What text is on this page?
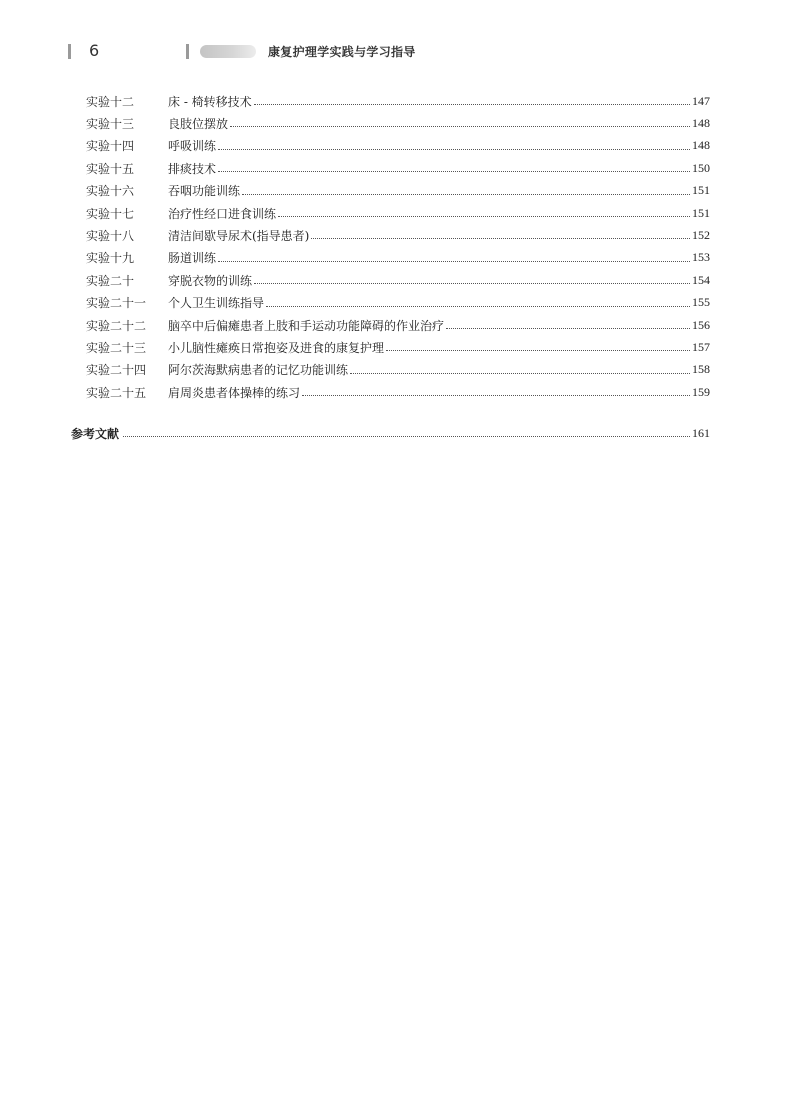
6	康复护理学实践与学习指导
实验十二	床 - 椅转移技术	147
实验十三	良肢位摆放	148
实验十四	呼吸训练	148
实验十五	排痰技术	150
实验十六	吞咽功能训练	151
实验十七	治疗性经口进食训练	151
实验十八	清洁间歇导尿术(指导患者)	152
实验十九	肠道训练	153
实验二十	穿脱衣物的训练	154
实验二十一	个人卫生训练指导	155
实验二十二	脑卒中后偏瘫患者上肢和手运动功能障碍的作业治疗	156
实验二十三	小儿脑性瘫痪日常抱姿及进食的康复护理	157
实验二十四	阿尔茨海默病患者的记忆功能训练	158
实验二十五	肩周炎患者体操棒的练习	159
参考文献	161
